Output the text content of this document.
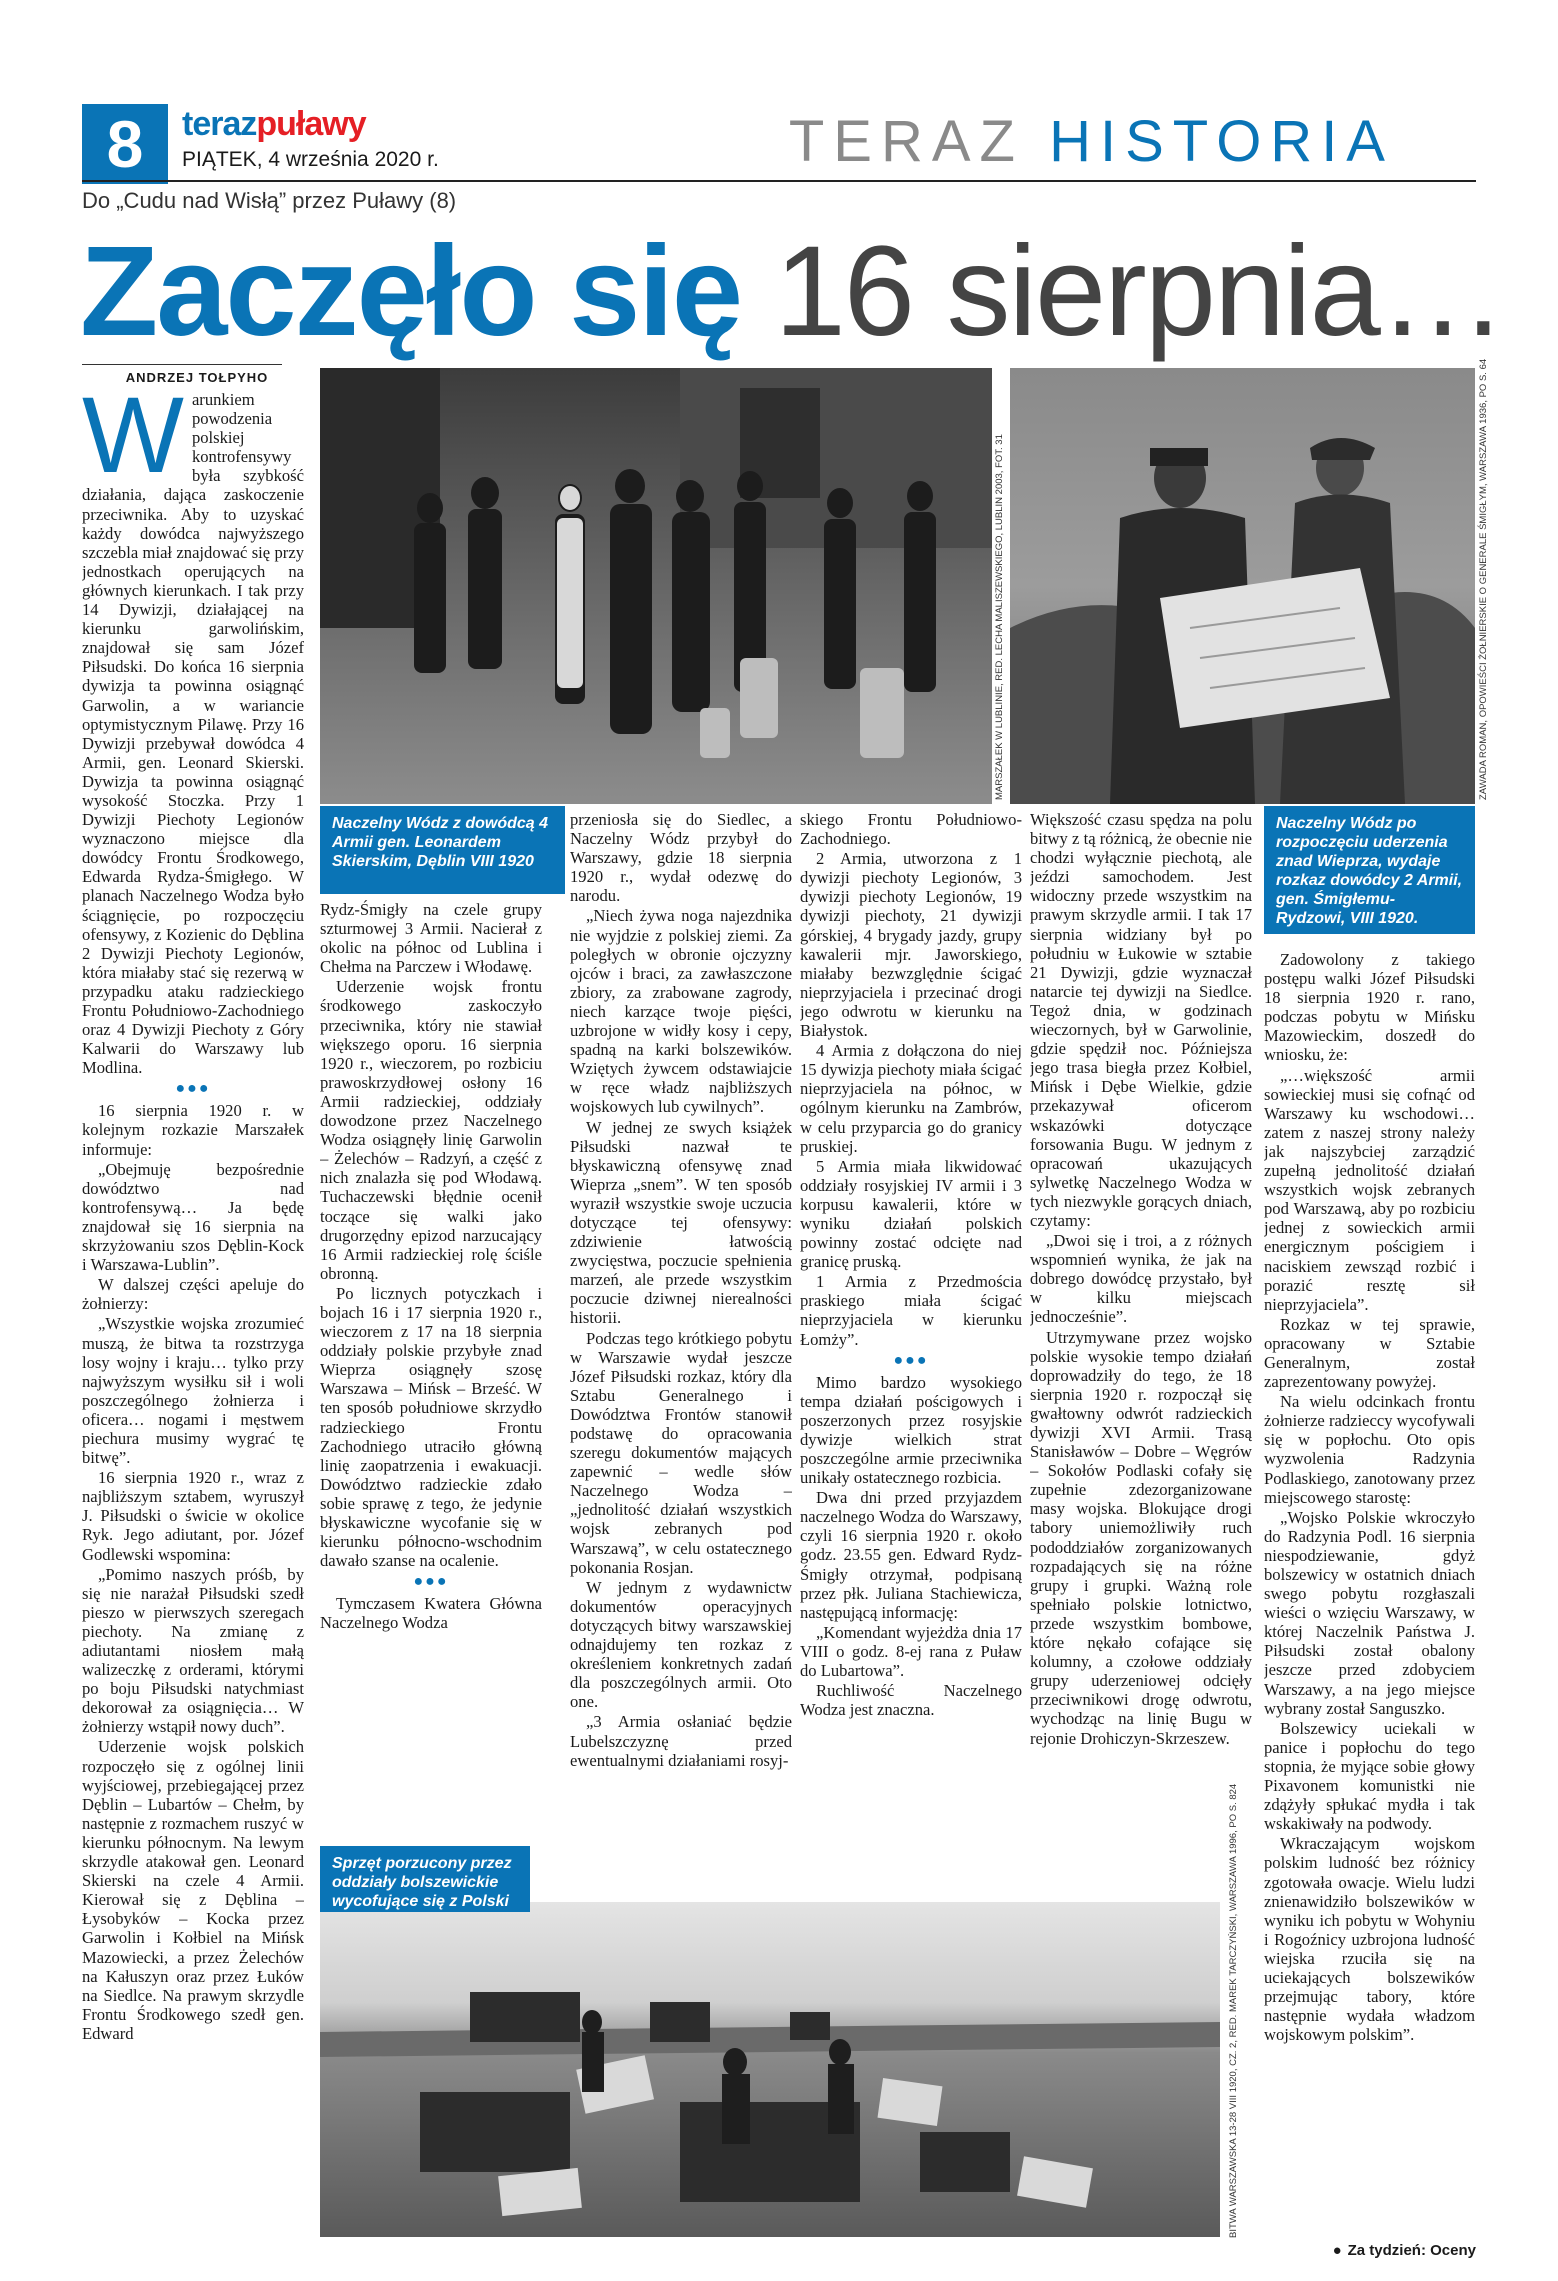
8	terazpuławy
PIĄTEK, 4 września 2020 r.	TERAZ HISTORIA
Do „Cudu nad Wisłą” przez Puławy (8)
Zaczęło się 16 sierpnia…
ANDRZEJ TOŁPYHO
MARSZAŁEK W LUBLINIE, RED. LECHA MALISZEWSKIEGO, LUBLIN 2003, FOT. 31
Naczelny Wódz z dowódcą 4 Armii gen. Leonardem Skierskim, Dęblin VIII 1920
ZAWADA ROMAN, OPOWIEŚCI ŻOŁNIERSKIE O GENERALE ŚMIGŁYM, WARSZAWA 1936, PO S. 64
Naczelny Wódz po rozpoczęciu uderzenia znad Wieprza, wydaje rozkaz dowódcy 2 Armii, gen. Śmigłemu-Rydzowi, VIII 1920.
BITWA WARSZAWSKA 13-28 VIII 1920, CZ. 2, RED. MAREK TARCZYŃSKI, WARSZAWA 1996, PO S. 824
Sprzęt porzucony przez oddziały bolszewickie wycofujące się z Polski

Warunkiem powodzenia polskiej kontrofensywy była szybkość działania, dająca zaskoczenie przeciwnika. Aby to uzyskać każdy dowódca najwyższego szczebla miał znajdować się przy jednostkach operujących na głównych kierunkach. I tak przy 14 Dywizji, działającej na kierunku garwolińskim, znajdował się sam Józef Piłsudski. Do końca 16 sierpnia dywizja ta powinna osiągnąć Garwolin, a w wariancie optymistycznym Pilawę. Przy 16 Dywizji przebywał dowódca 4 Armii, gen. Leonard Skierski. Dywizja ta powinna osiągnąć wysokość Stoczka. Przy 1 Dywizji Piechoty Legionów wyznaczono miejsce dla dowódcy Frontu Środkowego, Edwarda Rydza-Śmigłego. W planach Naczelnego Wodza było ściągnięcie, po rozpoczęciu ofensywy, z Kozienic do Dęblina 2 Dywizji Piechoty Legionów, która miałaby stać się rezerwą w przypadku ataku radzieckiego Frontu Południowo-Zachodniego oraz 4 Dywizji Piechoty z Góry Kalwarii do Warszawy lub Modlina.

●●●

16 sierpnia 1920 r. w kolejnym rozkazie Marszałek informuje:

„Obejmuję bezpośrednie dowództwo nad kontrofensywą… Ja będę znajdował się 16 sierpnia na skrzyżowaniu szos Dęblin-Kock i Warszawa-Lublin”.

W dalszej części apeluje do żołnierzy:

„Wszystkie wojska zrozumieć muszą, że bitwa ta rozstrzyga losy wojny i kraju… tylko przy najwyższym wysiłku sił i woli poszczególnego żołnierza i oficera… nogami i męstwem piechura musimy wygrać tę bitwę”.

16 sierpnia 1920 r., wraz z najbliższym sztabem, wyruszył J. Piłsudski o świcie w okolice Ryk. Jego adiutant, por. Józef Godlewski wspomina:

„Pomimo naszych próśb, by się nie narażał Piłsudski szedł pieszo w pierwszych szeregach piechoty. Na zmianę z adiutantami niosłem małą walizeczkę z orderami, którymi po boju Piłsudski natychmiast dekorował za osiągnięcia… W żołnierzy wstąpił nowy duch”.

Uderzenie wojsk polskich rozpoczęło się z ogólnej linii wyjściowej, przebiegającej przez Dęblin – Lubartów – Chełm, by następnie z rozmachem ruszyć w kierunku północnym. Na lewym skrzydle atakował gen. Leonard Skierski na czele 4 Armii. Kierował się z Dęblina – Łysobyków – Kocka przez Garwolin i Kołbiel na Mińsk Mazowiecki, a przez Żelechów na Kałuszyn oraz przez Łuków na Siedlce. Na prawym skrzydle Frontu Środkowego szedł gen. Edward

Rydz-Śmigły na czele grupy szturmowej 3 Armii. Nacierał z okolic na północ od Lublina i Chełma na Parczew i Włodawę.

Uderzenie wojsk frontu środkowego zaskoczyło przeciwnika, który nie stawiał większego oporu. 16 sierpnia 1920 r., wieczorem, po rozbiciu prawoskrzydłowej osłony 16 Armii radzieckiej, oddziały dowodzone przez Naczelnego Wodza osiągnęły linię Garwolin – Żelechów – Radzyń, a część z nich znalazła się pod Włodawą. Tuchaczewski błędnie ocenił toczące się walki jako drugorzędny epizod narzucający 16 Armii radzieckiej rolę ściśle obronną.

Po licznych potyczkach i bojach 16 i 17 sierpnia 1920 r., wieczorem z 17 na 18 sierpnia oddziały polskie przybyłe znad Wieprza osiągnęły szosę Warszawa – Mińsk – Brześć. W ten sposób południowe skrzydło radzieckiego Frontu Zachodniego utraciło główną linię zaopatrzenia i ewakuacji. Dowództwo radzieckie zdało sobie sprawę z tego, że jedynie błyskawiczne wycofanie się w kierunku północno-wschodnim dawało szanse na ocalenie.

●●●

Tymczasem Kwatera Główna Naczelnego Wodza

przeniosła się do Siedlec, a Naczelny Wódz przybył do Warszawy, gdzie 18 sierpnia 1920 r., wydał odezwę do narodu.

„Niech żywa noga najezdnika nie wyjdzie z polskiej ziemi. Za poległych w obronie ojczyzny ojców i braci, za zawłaszczone zbiory, za zrabowane zagrody, niech karzące twoje pięści, uzbrojone w widły kosy i cepy, spadną na karki bolszewików. Wziętych żywcem odstawiajcie w ręce władz najbliższych wojskowych lub cywilnych”.

W jednej ze swych książek Piłsudski nazwał te błyskawiczną ofensywę znad Wieprza „snem”. W ten sposób wyraził wszystkie swoje uczucia dotyczące tej ofensywy: zdziwienie łatwością zwycięstwa, poczucie spełnienia marzeń, ale przede wszystkim poczucie dziwnej nierealności historii.

Podczas tego krótkiego pobytu w Warszawie wydał jeszcze Józef Piłsudski rozkaz, który dla Sztabu Generalnego i Dowództwa Frontów stanowił podstawę do opracowania szeregu dokumentów mających zapewnić – wedle słów Naczelnego Wodza – „jednolitość działań wszystkich wojsk zebranych pod Warszawą”, w celu ostatecznego pokonania Rosjan.

W jednym z wydawnictw dokumentów operacyjnych dotyczących bitwy warszawskiej odnajdujemy ten rozkaz z określeniem konkretnych zadań dla poszczególnych armii. Oto one.

„3 Armia osłaniać będzie Lubelszczyznę przed ewentualnymi działaniami rosyj-

skiego Frontu Południowo-Zachodniego.

2 Armia, utworzona z 1 dywizji piechoty Legionów, 3 dywizji piechoty Legionów, 19 dywizji piechoty, 21 dywizji górskiej, 4 brygady jazdy, grupy kawalerii mjr. Jaworskiego, miałaby bezwzględnie ścigać nieprzyjaciela i przecinać drogi jego odwrotu w kierunku na Białystok.

4 Armia z dołączona do niej 15 dywizja piechoty miała ścigać nieprzyjaciela na północ, w ogólnym kierunku na Zambrów, w celu przyparcia go do granicy pruskiej.

5 Armia miała likwidować oddziały rosyjskiej IV armii i 3 korpusu kawalerii, które w wyniku działań polskich powinny zostać odcięte nad granicę pruską.

1 Armia z Przedmościa praskiego miała ścigać nieprzyjaciela w kierunku Łomży”.

●●●

Mimo bardzo wysokiego tempa działań pościgowych i poszerzonych przez rosyjskie dywizje wielkich strat poszczególne armie przeciwnika unikały ostatecznego rozbicia.

Dwa dni przed przyjazdem naczelnego Wodza do Warszawy, czyli 16 sierpnia 1920 r. około godz. 23.55 gen. Edward Rydz-Śmigły otrzymał, podpisaną przez płk. Juliana Stachiewicza, następującą informację:

„Komendant wyjeżdża dnia 17 VIII o godz. 8-ej rana z Puław do Lubartowa”.

Ruchliwość Naczelnego Wodza jest znaczna.

Większość czasu spędza na polu bitwy z tą różnicą, że obecnie nie chodzi wyłącznie piechotą, ale jeździ samochodem. Jest widoczny przede wszystkim na prawym skrzydle armii. I tak 17 sierpnia widziany był po południu w Łukowie w sztabie 21 Dywizji, gdzie wyznaczał natarcie tej dywizji na Siedlce. Tegoż dnia, w godzinach wieczornych, był w Garwolinie, gdzie spędził noc. Późniejsza jego trasa biegła przez Kołbiel, Mińsk i Dębe Wielkie, gdzie przekazywał oficerom wskazówki dotyczące forsowania Bugu. W jednym z opracowań ukazujących sylwetkę Naczelnego Wodza w tych niezwykle gorących dniach, czytamy:

„Dwoi się i troi, a z różnych wspomnień wynika, że jak na dobrego dowódcę przystało, był w kilku miejscach jednocześnie”.

Utrzymywane przez wojsko polskie wysokie tempo działań doprowadziły do tego, że 18 sierpnia 1920 r. rozpoczął się gwałtowny odwrót radzieckich dywizji XVI Armii. Trasą Stanisławów – Dobre – Węgrów – Sokołów Podlaski cofały się zupełnie zdezorganizowane masy wojska. Blokujące drogi tabory uniemożliwiły ruch pododdziałów zorganizowanych rozpadających się na różne grupy i grupki. Ważną role spełniało polskie lotnictwo, przede wszystkim bombowe, które nękało cofające się kolumny, a czołowe oddziały grupy uderzeniowej odcięły przeciwnikowi drogę odwrotu, wychodząc na linię Bugu w rejonie Drohiczyn-Skrzeszew.

Zadowolony z takiego postępu walki Józef Piłsudski 18 sierpnia 1920 r. rano, podczas pobytu w Mińsku Mazowieckim, doszedł do wniosku, że:

„…większość armii sowieckiej musi się cofnąć od Warszawy ku wschodowi… zatem z naszej strony należy jak najszybciej zarządzić zupełną jednolitość działań wszystkich wojsk zebranych pod Warszawą, aby po rozbiciu jednej z sowieckich armii energicznym pościgiem i naciskiem zewsząd rozbić i porazić resztę sił nieprzyjaciela”.

Rozkaz w tej sprawie, opracowany w Sztabie Generalnym, został zaprezentowany powyżej.

Na wielu odcinkach frontu żołnierze radzieccy wycofywali się w popłochu. Oto opis wyzwolenia Radzynia Podlaskiego, zanotowany przez miejscowego starostę:

„Wojsko Polskie wkroczyło do Radzynia Podl. 16 sierpnia niespodziewanie, gdyż bolszewicy w ostatnich dniach swego pobytu rozgłaszali wieści o wzięciu Warszawy, w której Naczelnik Państwa J. Piłsudski został obalony jeszcze przed zdobyciem Warszawy, a na jego miejsce wybrany został Sanguszko.

Bolszewicy uciekali w panice i popłochu do tego stopnia, że myjące sobie głowy Pixavonem komunistki nie zdążyły spłukać mydła i tak wskakiwały na podwody.

Wkraczającym wojskom polskim ludność bez różnicy zgotowała owacje. Wielu ludzi znienawidziło bolszewików w wyniku ich pobytu w Wohyniu i Rogoźnicy uzbrojona ludność wiejska rzuciła się na uciekających bolszewików przejmując tabory, które następnie wydała władzom wojskowym polskim”.

● Za tydzień: Oceny
